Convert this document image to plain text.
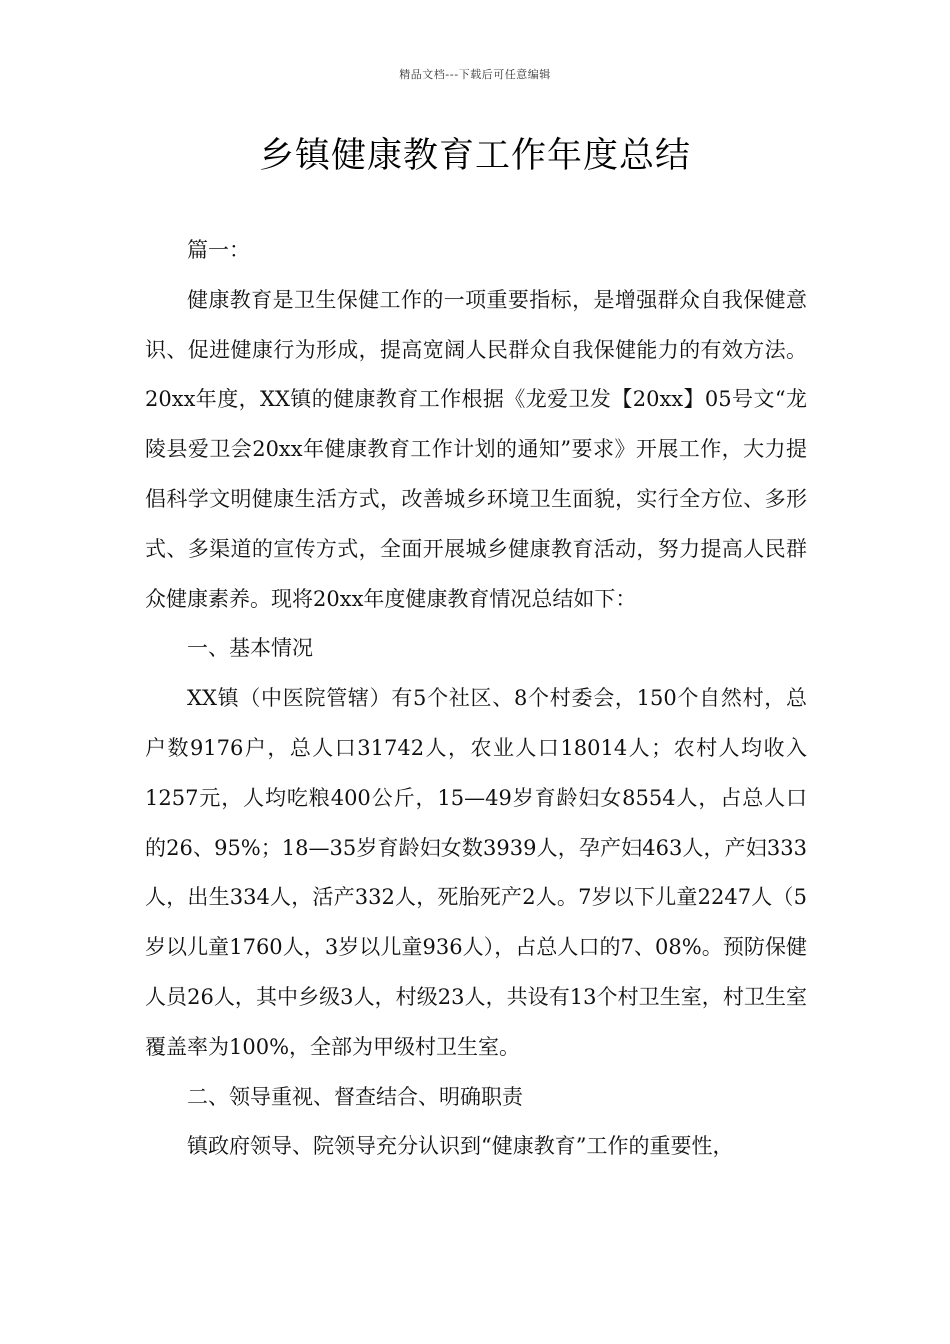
精品文档---下载后可任意编辑
乡镇健康教育工作年度总结

篇一：

健康教育是卫生保健工作的一项重要指标，是增强群众自我保健意识、促进健康行为形成，提高宽阔人民群众自我保健能力的有效方法。20xx年度，XX镇的健康教育工作根据《龙爱卫发【20xx】05号文“龙陵县爱卫会20xx年健康教育工作计划的通知”要求》开展工作，大力提倡科学文明健康生活方式，改善城乡环境卫生面貌，实行全方位、多形式、多渠道的宣传方式，全面开展城乡健康教育活动，努力提高人民群众健康素养。现将20xx年度健康教育情况总结如下：

一、基本情况

XX镇（中医院管辖）有5个社区、8个村委会，150个自然村，总户数9176户，总人口31742人，农业人口18014人；农村人均收入1257元，人均吃粮400公斤，15—49岁育龄妇女8554人，占总人口的26、95%；18—35岁育龄妇女数3939人，孕产妇463人，产妇333人，出生334人，活产332人，死胎死产2人。7岁以下儿童2247人（5岁以儿童1760人，3岁以儿童936人），占总人口的7、08%。预防保健人员26人，其中乡级3人，村级23人，共设有13个村卫生室，村卫生室覆盖率为100%，全部为甲级村卫生室。

二、领导重视、督查结合、明确职责

镇政府领导、院领导充分认识到“健康教育”工作的重要性，
